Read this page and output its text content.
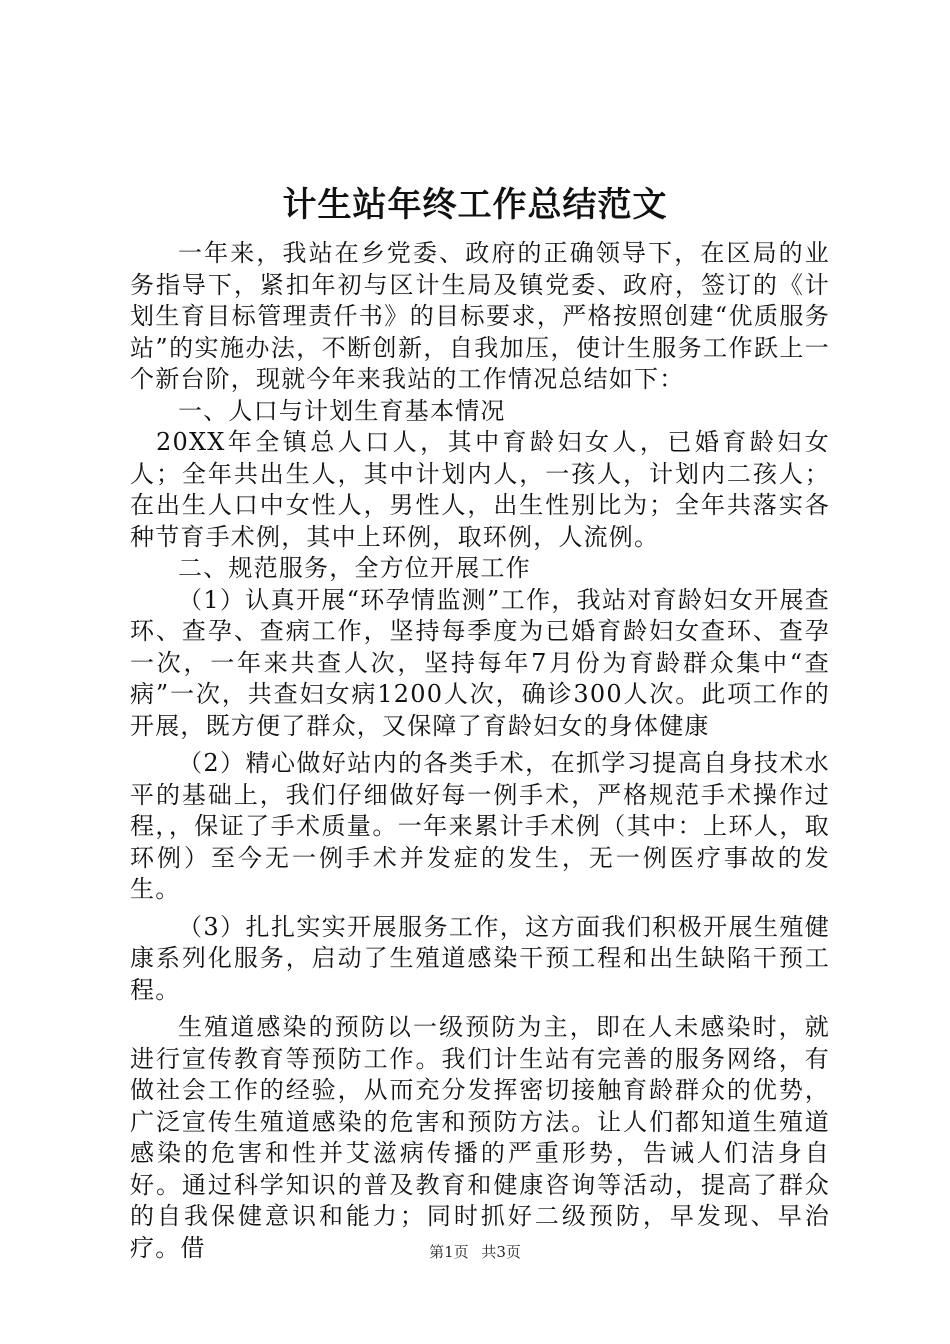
计生站年终工作总结范文

一年来，我站在乡党委、政府的正确领导下，在区局的业务指导下，紧扣年初与区计生局及镇党委、政府，签订的《计划生育目标管理责仟书》的目标要求，严格按照创建“优质服务站”的实施办法，不断创新，自我加压，使计生服务工作跃上一个新台阶，现就今年来我站的工作情况总结如下：

一、人口与计划生育基本情况

20XX年全镇总人口人，其中育龄妇女人，已婚育龄妇女人；全年共出生人，其中计划内人，一孩人，计划内二孩人；在出生人口中女性人，男性人，出生性别比为；全年共落实各种节育手术例，其中上环例，取环例，人流例。

二、规范服务，全方位开展工作

（1）认真开展“环孕情监测”工作，我站对育龄妇女开展查环、查孕、查病工作，坚持每季度为已婚育龄妇女查环、查孕一次，一年来共查人次，坚持每年7月份为育龄群众集中“查病”一次，共查妇女病1200人次，确诊300人次。此项工作的开展，既方便了群众，又保障了育龄妇女的身体健康

（2）精心做好站内的各类手术，在抓学习提高自身技术水平的基础上，我们仔细做好每一例手术，严格规范手术操作过程，，保证了手术质量。一年来累计手术例（其中：上环人，取环例）至今无一例手术并发症的发生，无一例医疗事故的发生。

（3）扎扎实实开展服务工作，这方面我们积极开展生殖健康系列化服务，启动了生殖道感染干预工程和出生缺陷干预工程。

生殖道感染的预防以一级预防为主，即在人未感染时，就进行宣传教育等预防工作。我们计生站有完善的服务网络，有做社会工作的经验，从而充分发挥密切接触育龄群众的优势，广泛宣传生殖道感染的危害和预防方法。让人们都知道生殖道感染的危害和性并艾滋病传播的严重形势，告诫人们洁身自好。通过科学知识的普及教育和健康咨询等活动，提高了群众的自我保健意识和能力；同时抓好二级预防，早发现、早治疗。借	第1页 共3页
